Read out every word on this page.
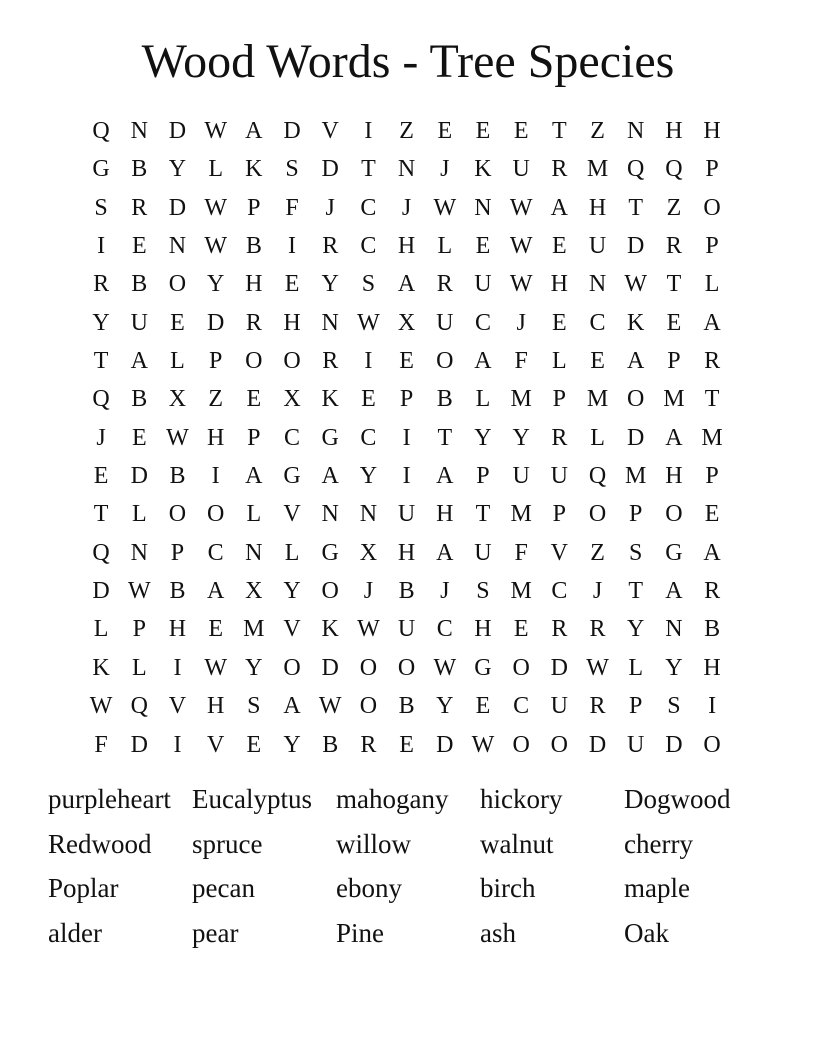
Wood Words - Tree Species
Q N D W A D V	I	Z E E E T Z N H H
G B Y L K S D T N	J	K U R M Q Q P
S R D W P	F	J	C	J W N W A H T Z O
I	E N W B	I	R C H L E W E U D R P
R B O Y H E Y S A R U W H N W T L
Y U E D R H N W X U C	J	E C K E A
T A L	P O O R	I	E O A F	L E A P R
Q B X Z E X K E	P B L M P M O M T
J	E W H P C G C	I	T Y Y R L D A M
E D B	I	A G A Y	I	A P U U Q M H P
T L O O L V N N U H T M P O P O E
Q N P C N L G X H A U F V Z	S G A
D W B A X Y O	J	B	J	S M C	J	T A R
L	P H E M V K W U C H E R R Y N B
K L	I W Y O D O O W G O D W L Y H
W Q V H S A W O B Y E C U R P	S	I
F D	I	V E Y B R E D W O O D U D O
purpleheart Eucalyptus mahogany	hickory	Dogwood
Redwood	spruce	willow	walnut	cherry
Poplar	pecan	ebony	birch	maple
alder	pear	Pine	ash	Oak
